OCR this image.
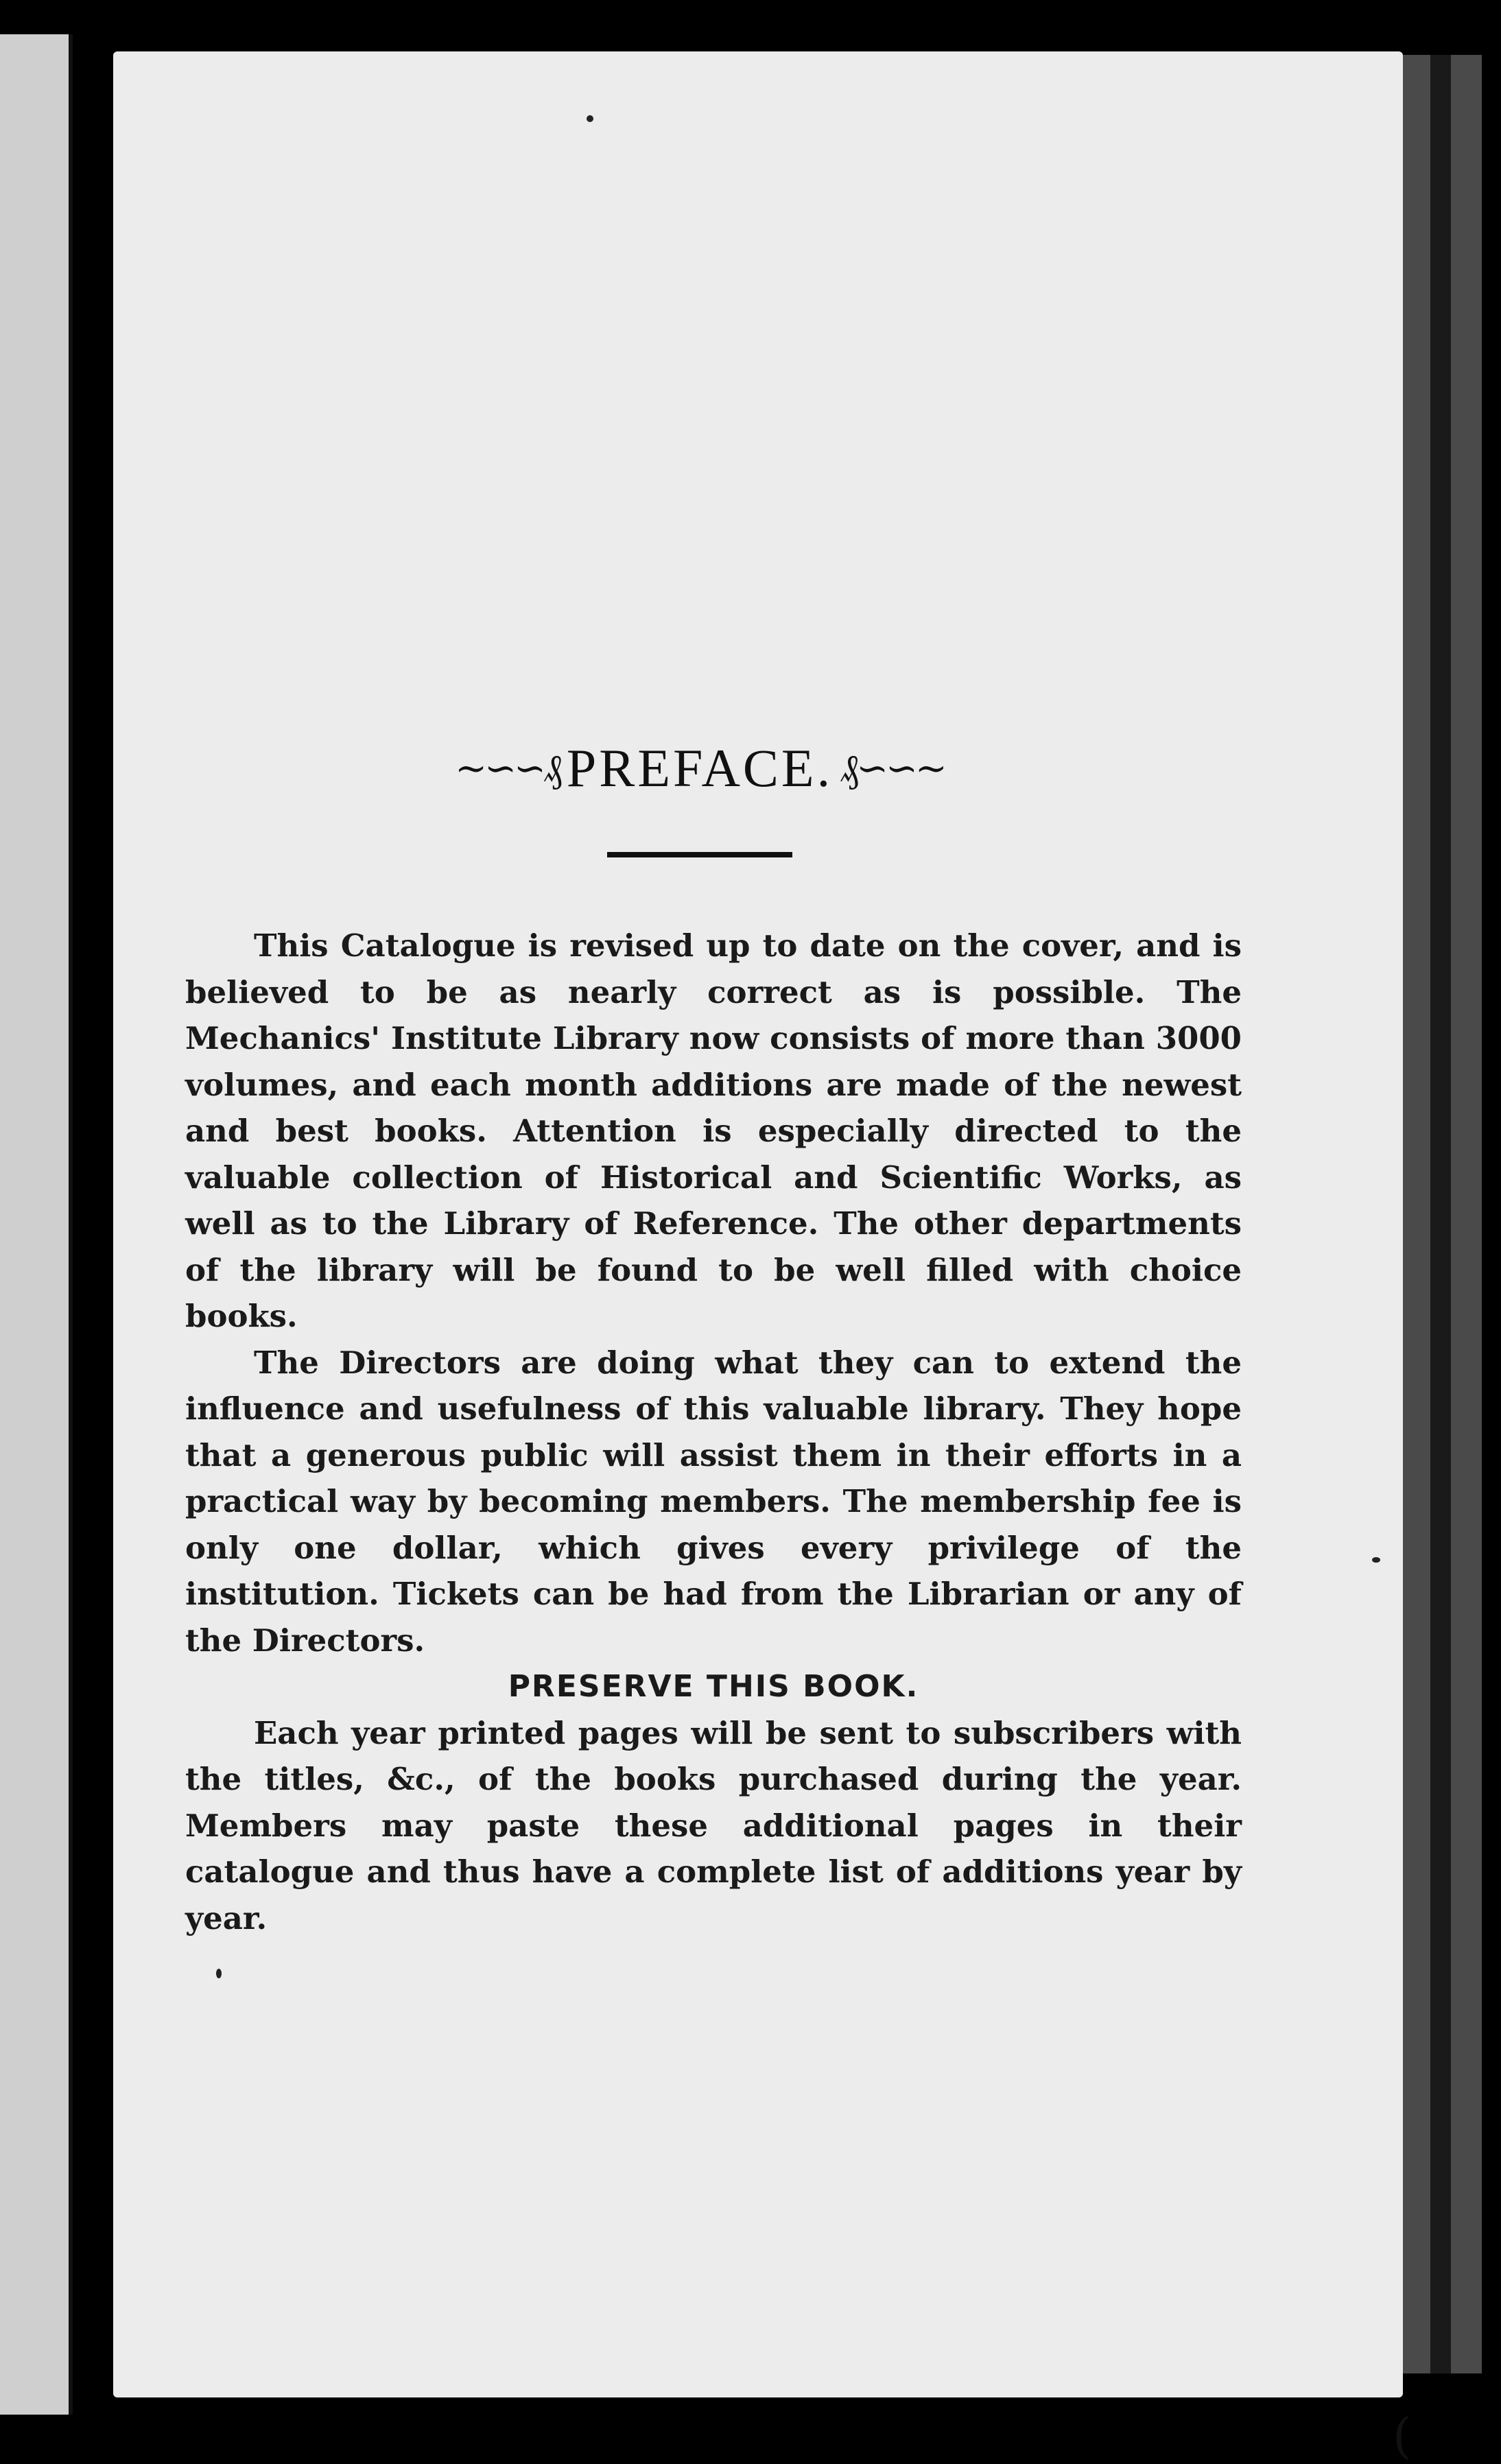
~∽∽₰ PREFACE. ₰∽∽~

This Catalogue is revised up to date on the cover, and is believed to be as nearly correct as is possible. The Mechanics' Institute Library now consists of more than 3000 volumes, and each month additions are made of the newest and best books. Attention is especially directed to the valuable collection of Historical and Scientific Works, as well as to the Library of Reference. The other departments of the library will be found to be well filled with choice books.

The Directors are doing what they can to extend the influence and usefulness of this valuable library. They hope that a generous public will assist them in their efforts in a practical way by becoming members. The membership fee is only one dollar, which gives every privilege of the institution. Tickets can be had from the Librarian or any of the Directors.

PRESERVE THIS BOOK.

Each year printed pages will be sent to subscribers with the titles, &c., of the books purchased during the year. Members may paste these additional pages in their catalogue and thus have a complete list of additions year by year.

(
